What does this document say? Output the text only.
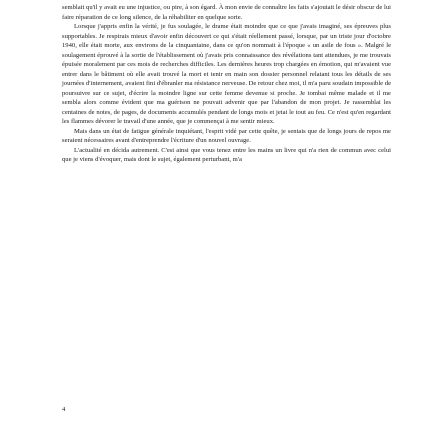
semblait qu'il y avait eu une injustice, ou pire, à son égard. À mon envie de connaître les faits s'ajoutait le désir obscur de lui faire réparation de ce long silence, de la réhabiliter en quelque sorte.

Lorsque j'appris enfin la vérité, je fus soulagée, le drame était moindre que ce que j'avais imaginé, ses épreuves plus supportables. Je respirais mieux d'avoir enfin découvert ce qui s'était réellement passé, lorsque, par un triste jour d'octobre 1940, elle était morte, aux environs de la cinquantaine, dans ce qu'on nommait à l'époque « un asile de fous ». Malgré le soulagement éprouvé à la sortie de l'établissement où j'avais pris connaissance des révélations tant attendues, je me trouvais épuisée moralement par ces mois de recherches difficiles. Les dernières heures trop chargées en émotion, qui m'avaient vue entrer dans le bâtiment où elle avait trouvé la mort et tenir en main son dossier personnel relatant tous les détails de ses journées d'internement, avaient fini d'ébranler ma résistance nerveuse. De retour chez moi, il m'a paru soudain impossible de poursuivre sur ce sujet, d'écrire la moindre ligne sur cette femme devenue si proche. Je tombai même malade et il me sembla alors comme évident que ma guérison ne pouvait advenir que par l'abandon de mon projet. Je rassemblai les centaines de notes, de pages, de documents accumulés pendant de longs mois et jetai le tout au feu. Ce n'est qu'en regardant les flammes dévorer le travail d'une année, que je commençai à me sentir mieux.

Mais dans un état de fatigue générale inquiétant, l'esprit vidé par cette quête, je sentais que de longs jours de repos me seraient nécessaires avant d'entreprendre l'écriture d'un nouvel ouvrage.

L'actualité en décida autrement. C'est ainsi que vous tenez entre les mains un livre qui n'a rien de commun avec celui que je viens d'évoquer, mais dont le sujet, également perturbant, m'a

4
